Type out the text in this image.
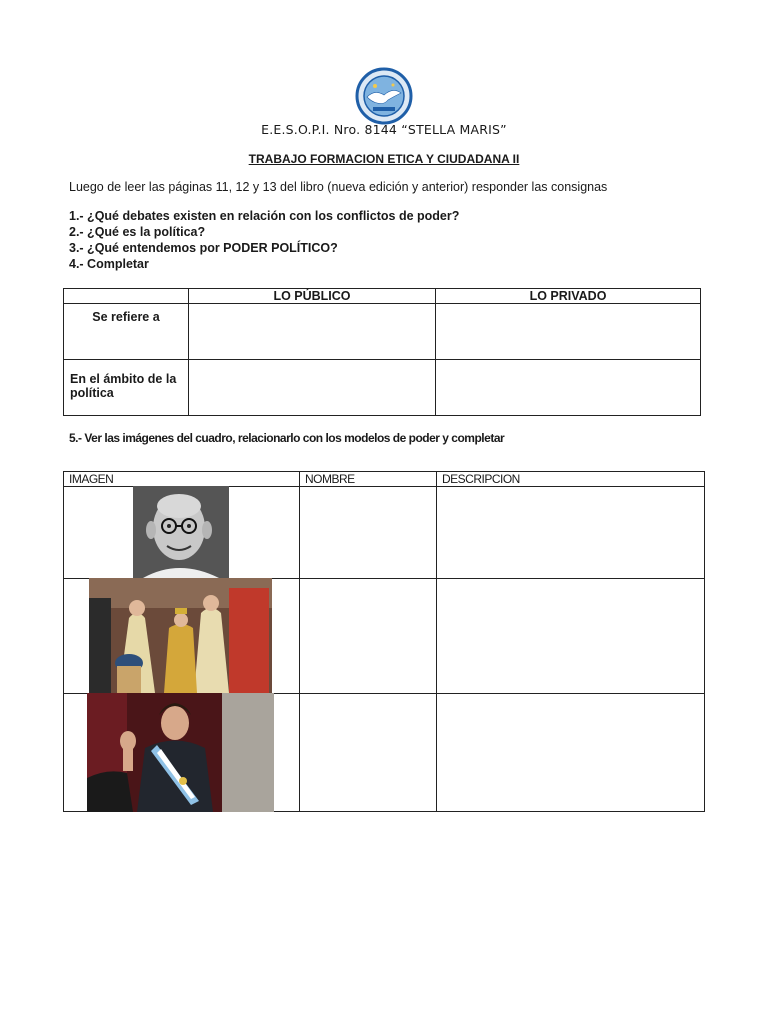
E.E.S.O.P.I. Nro. 8144 “STELLA MARIS”
TRABAJO FORMACION ETICA Y CIUDADANA II
Luego de leer las páginas 11, 12 y 13 del libro (nueva edición y anterior) responder las consignas
1.- ¿Qué debates existen en relación con los conflictos de poder?
2.- ¿Qué es la política?
3.- ¿Qué entendemos por PODER POLÍTICO?
4.- Completar
	LO PÚBLICO	LO PRIVADO
Se refiere a		
En el ámbito de la política		
5.- Ver las imágenes del cuadro, relacionarlo con los modelos de poder y completar
IMAGEN	NOMBRE	DESCRIPCION
